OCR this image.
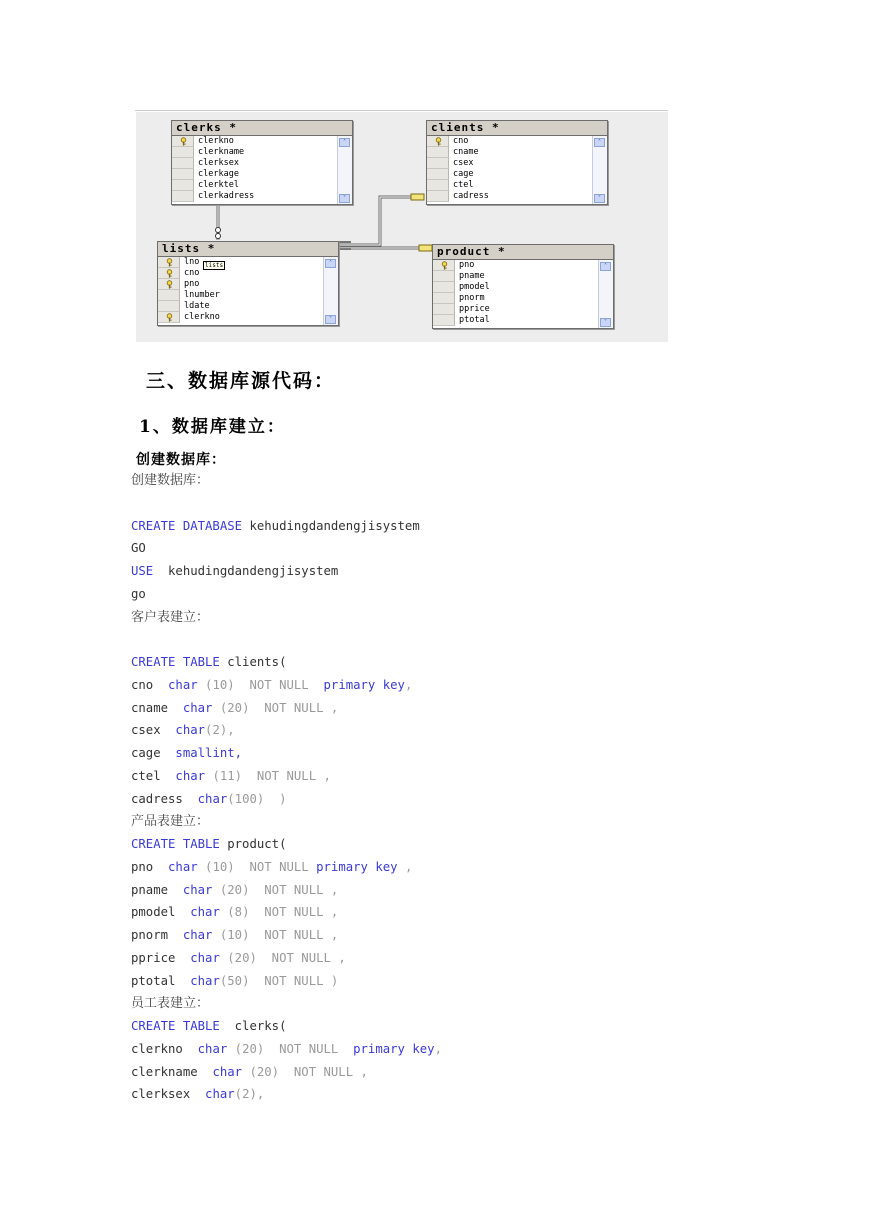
clerks *
clerkno
clerkname
clerksex
clerkage
clerktel
clerkadress
˄
˅
clients *
cno
cname
csex
cage
ctel
cadress
˄
˅
lists *
lno
cno
pno
lnumber
ldate
clerkno
lists	˄
˅
product *
pno
pname
pmodel
pnorm
pprice
ptotal
˄
˅
三、数据库源代码：
1、数据库建立：
创建数据库：
创建数据库：
CREATE DATABASE kehudingdandengjisystem
GO
USE  kehudingdandengjisystem
go
客户表建立：
CREATE TABLE clients(
cno  char (10)  NOT NULL  primary key,
cname  char (20)  NOT NULL ,
csex  char(2),
cage  smallint,
ctel  char (11)  NOT NULL ,
cadress  char(100)  )
产品表建立：
CREATE TABLE product(
pno  char (10)  NOT NULL primary key ,
pname  char (20)  NOT NULL ,
pmodel  char (8)  NOT NULL ,
pnorm  char (10)  NOT NULL ,
pprice  char (20)  NOT NULL ,
ptotal  char(50)  NOT NULL )
员工表建立：
CREATE TABLE  clerks(
clerkno  char (20)  NOT NULL  primary key,
clerkname  char (20)  NOT NULL ,
clerksex  char(2),
